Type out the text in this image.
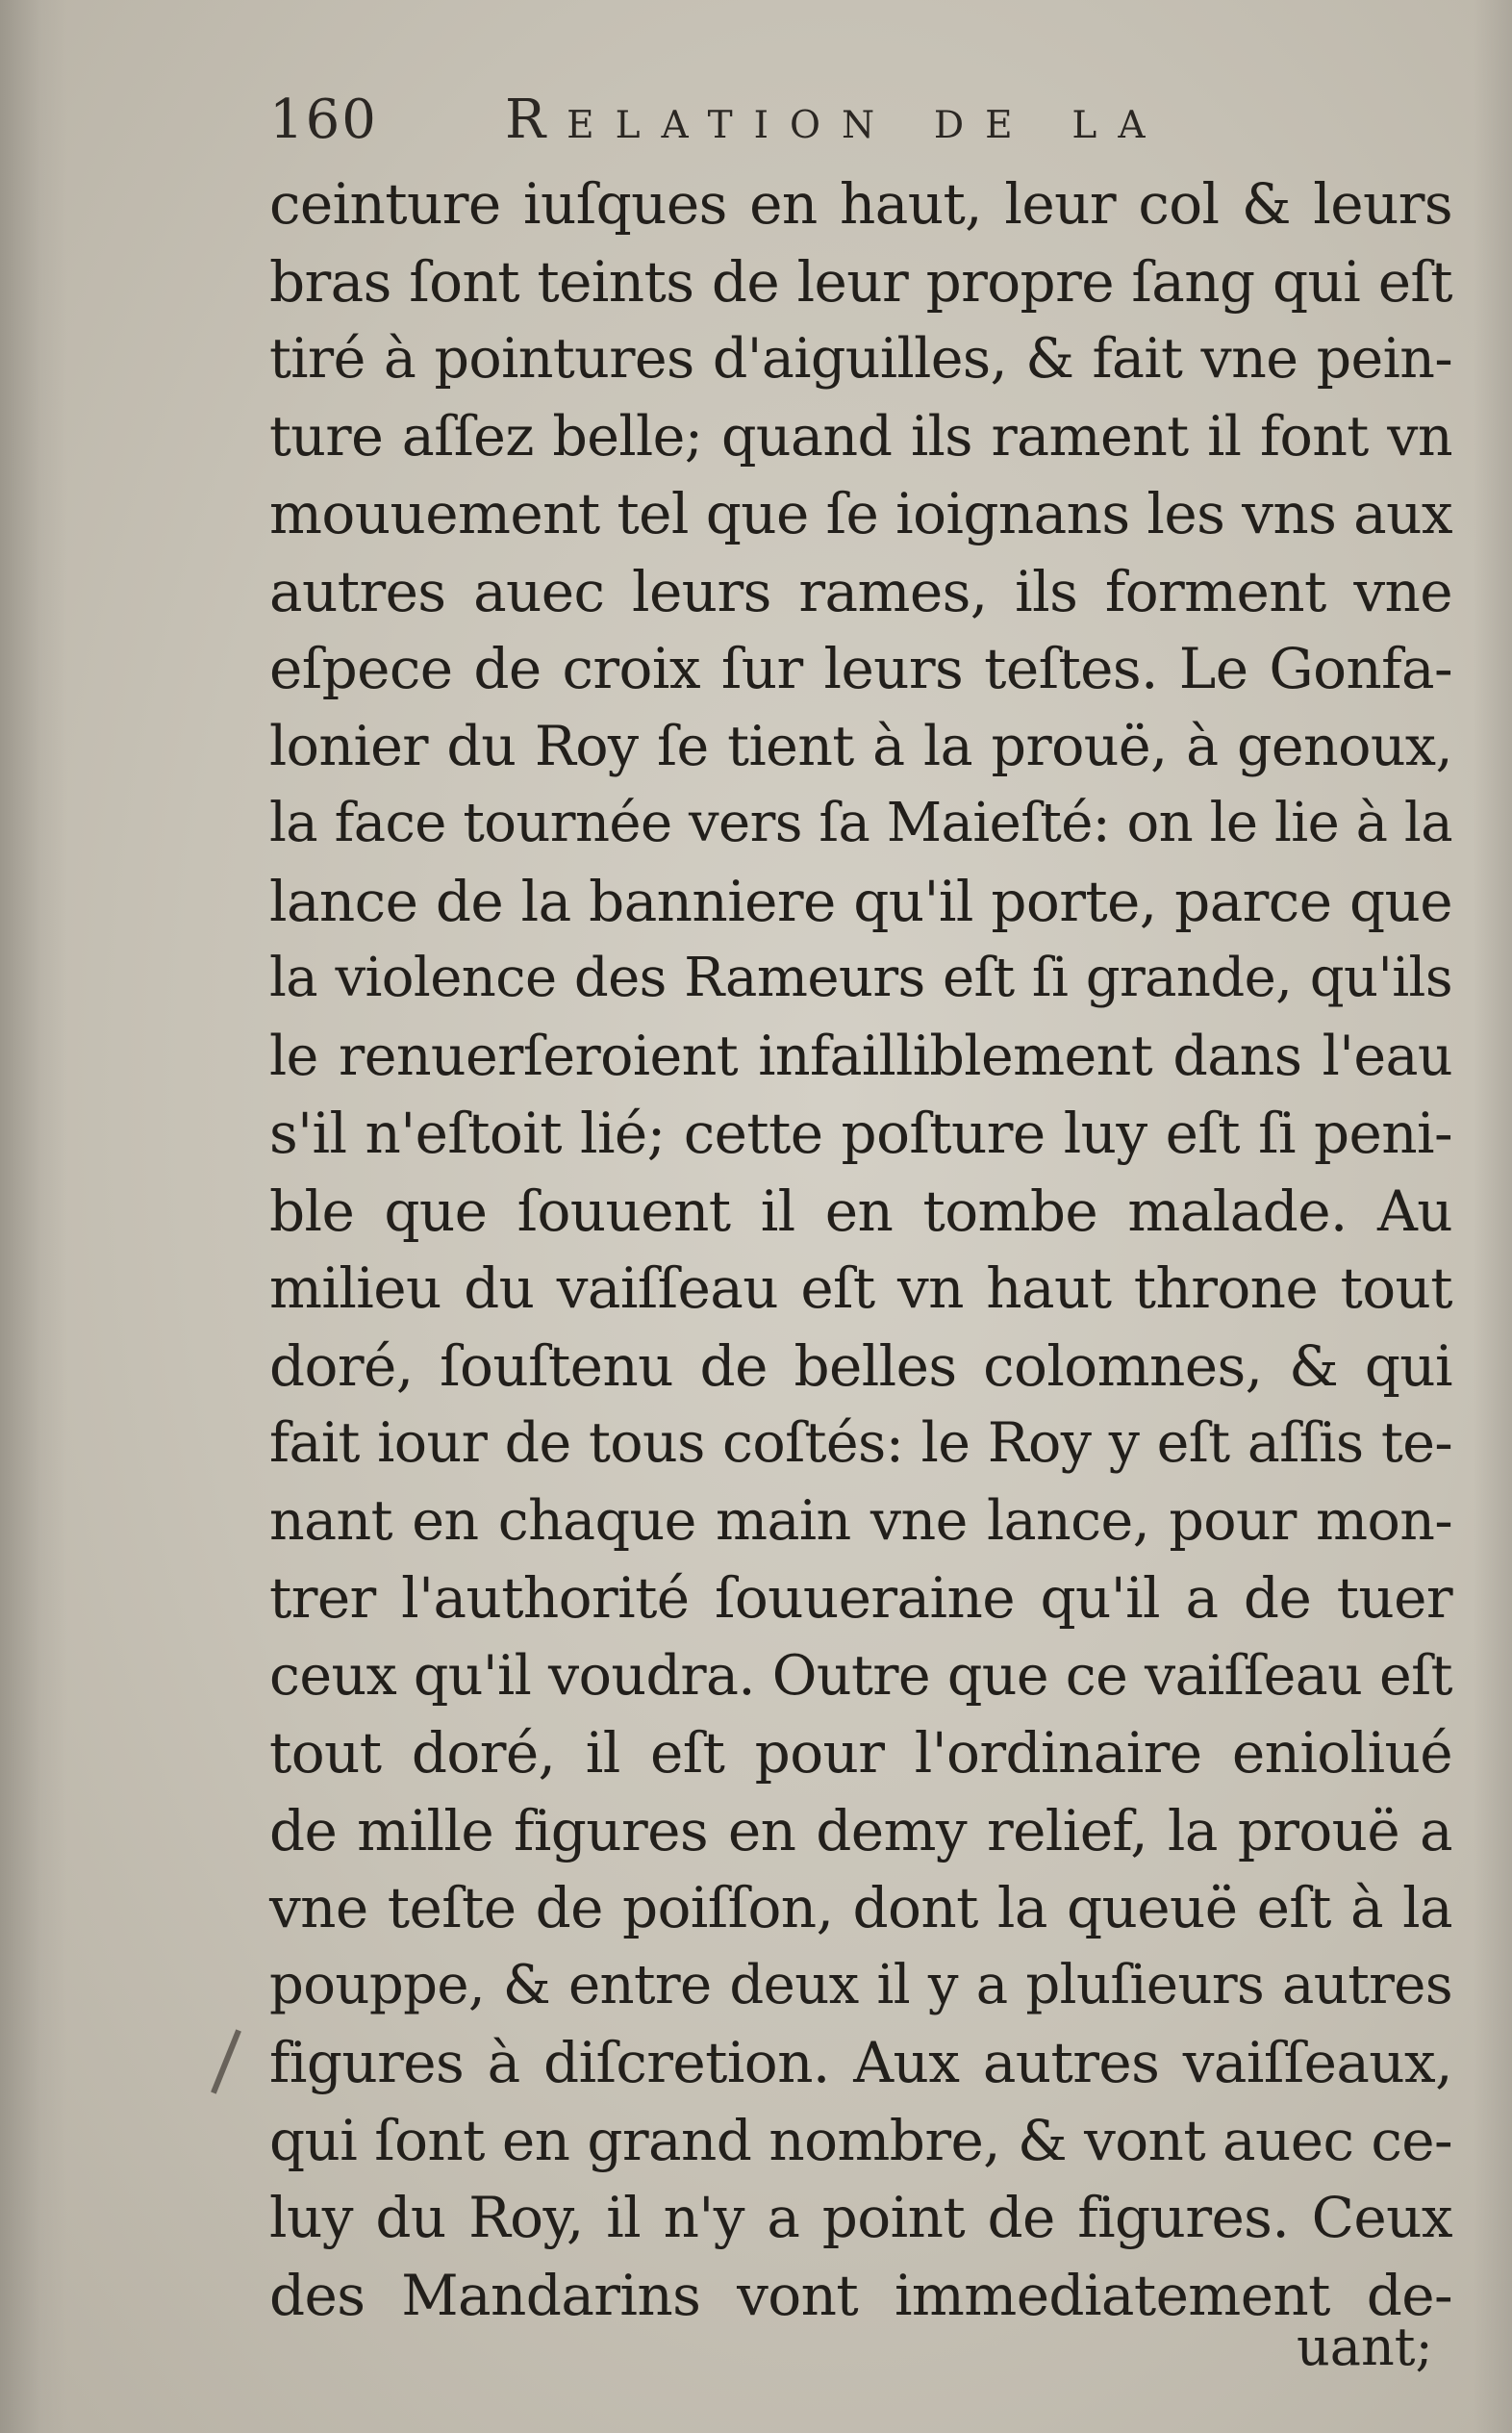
160 Relation de la
ceinture iuſques en haut, leur col & leurs
bras ſont teints de leur propre ſang qui eſt
tiré à pointures d'aiguilles, & fait vne pein-
ture aſſez belle; quand ils rament il font vn
mouuement tel que ſe ioignans les vns aux
autres auec leurs rames, ils forment vne
eſpece de croix ſur leurs teſtes. Le Gonfa-
lonier du Roy ſe tient à la prouë, à genoux,
la face tournée vers ſa Maieſté: on le lie à la
lance de la banniere qu'il porte, parce que
la violence des Rameurs eſt ſi grande, qu'ils
le renuerſeroient infailliblement dans l'eau
s'il n'eſtoit lié; cette poſture luy eſt ſi peni-
ble que ſouuent il en tombe malade. Au
milieu du vaiſſeau eſt vn haut throne tout
doré, ſouſtenu de belles colomnes, & qui
fait iour de tous coſtés: le Roy y eſt aſſis te-
nant en chaque main vne lance, pour mon-
trer l'authorité ſouueraine qu'il a de tuer
ceux qu'il voudra. Outre que ce vaiſſeau eſt
tout doré, il eſt pour l'ordinaire enioliué
de mille figures en demy relief, la prouë a
vne teſte de poiſſon, dont la queuë eſt à la
pouppe, & entre deux il y a pluſieurs autres
figures à diſcretion. Aux autres vaiſſeaux,
qui ſont en grand nombre, & vont auec ce-
luy du Roy, il n'y a point de figures. Ceux
des Mandarins vont immediatement de-
uant;
